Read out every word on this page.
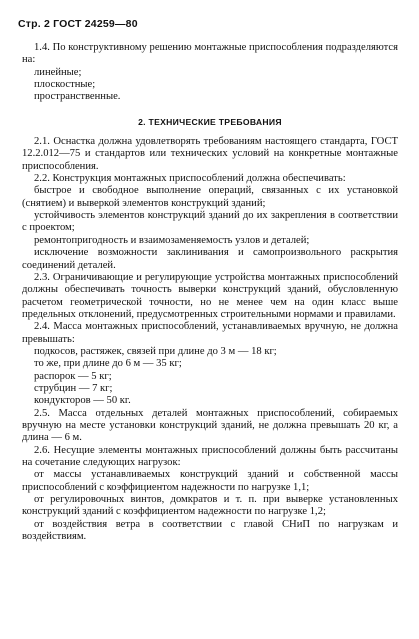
Стр. 2 ГОСТ 24259—80

1.4. По конструктивному решению монтажные приспособления подразделяются на:

линейные;

плоскостные;

пространственные.

2. ТЕХНИЧЕСКИЕ ТРЕБОВАНИЯ

2.1. Оснастка должна удовлетворять требованиям настоящего стандарта, ГОСТ 12.2.012—75 и стандартов или технических условий на конкретные монтажные приспособления.

2.2. Конструкция монтажных приспособлений должна обеспечивать:

быстрое и свободное выполнение операций, связанных с их установкой (снятием) и выверкой элементов конструкций зданий;

устойчивость элементов конструкций зданий до их закрепления в соответствии с проектом;

ремонтопригодность и взаимозаменяемость узлов и деталей;

исключение возможности заклинивания и самопроизвольного раскрытия соединений деталей.

2.3. Ограничивающие и регулирующие устройства монтажных приспособлений должны обеспечивать точность выверки конструкций зданий, обусловленную расчетом геометрической точности, но не менее чем на один класс выше предельных отклонений, предусмотренных строительными нормами и правилами.

2.4. Масса монтажных приспособлений, устанавливаемых вручную, не должна превышать:

подкосов, растяжек, связей при длине до 3 м — 18 кг;

то же, при длине до 6 м — 35 кг;

распорок — 5 кг;

струбцин — 7 кг;

кондукторов — 50 кг.

2.5. Масса отдельных деталей монтажных приспособлений, собираемых вручную на месте установки конструкций зданий, не должна превышать 20 кг, а длина — 6 м.

2.6. Несущие элементы монтажных приспособлений должны быть рассчитаны на сочетание следующих нагрузок:

от массы устанавливаемых конструкций зданий и собственной массы приспособлений с коэффициентом надежности по нагрузке 1,1;

от регулировочных винтов, домкратов и т. п. при выверке установленных конструкций зданий с коэффициентом надежности по нагрузке 1,2;

от воздействия ветра в соответствии с главой СНиП по нагрузкам и воздействиям.
